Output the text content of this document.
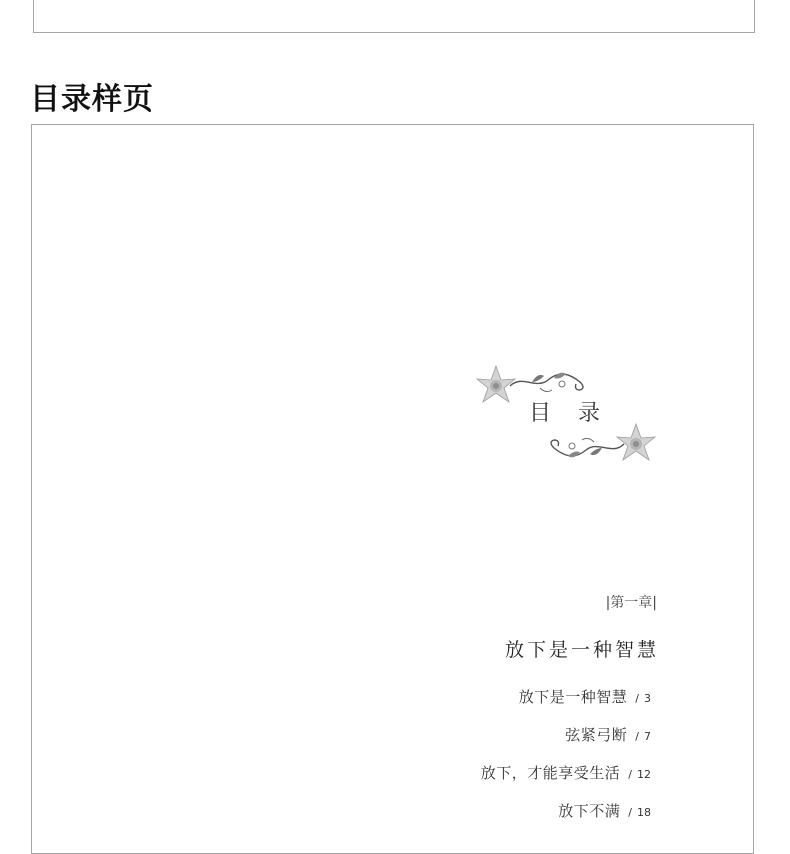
目录样页
目 录
|第一章|
放下是一种智慧
放下是一种智慧 / 3
弦紧弓断 / 7
放下，才能享受生活 / 12
放下不满 / 18
